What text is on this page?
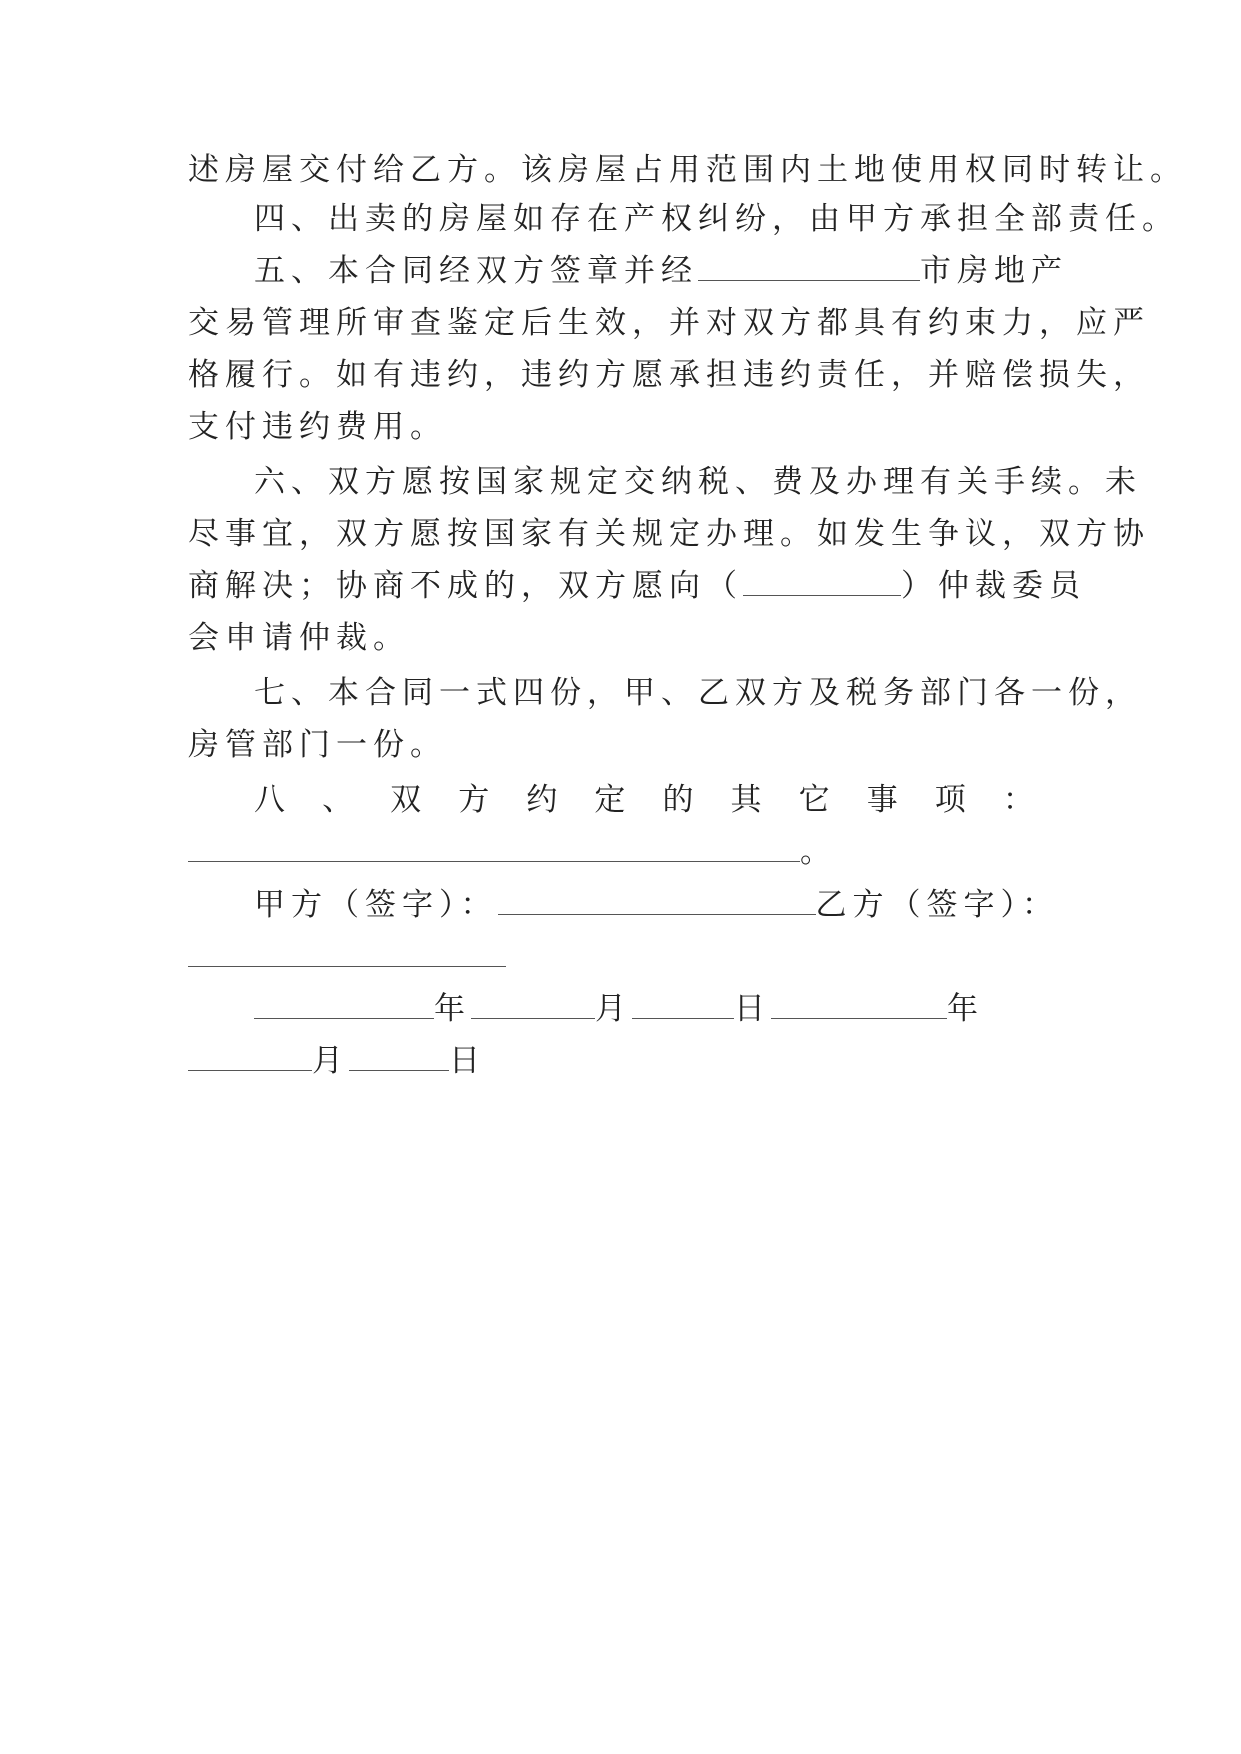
述房屋交付给乙方。该房屋占用范围内土地使用权同时转让。
四、出卖的房屋如存在产权纠纷，由甲方承担全部责任。
五、本合同经双方签章并经	市房地产
交易管理所审查鉴定后生效，并对双方都具有约束力，应严
格履行。如有违约，违约方愿承担违约责任，并赔偿损失，
支付违约费用。
六、双方愿按国家规定交纳税、费及办理有关手续。未
尽事宜，双方愿按国家有关规定办理。如发生争议，双方协
商解决；协商不成的，双方愿向（	）仲裁委员
会申请仲裁。
七、本合同一式四份，甲、乙双方及税务部门各一份，
房管部门一份。
八 、 双 方 约 定 的 其 它 事 项 ：
。
甲方（签字）：	乙方（签字）：
年	月	日	年
月	日
